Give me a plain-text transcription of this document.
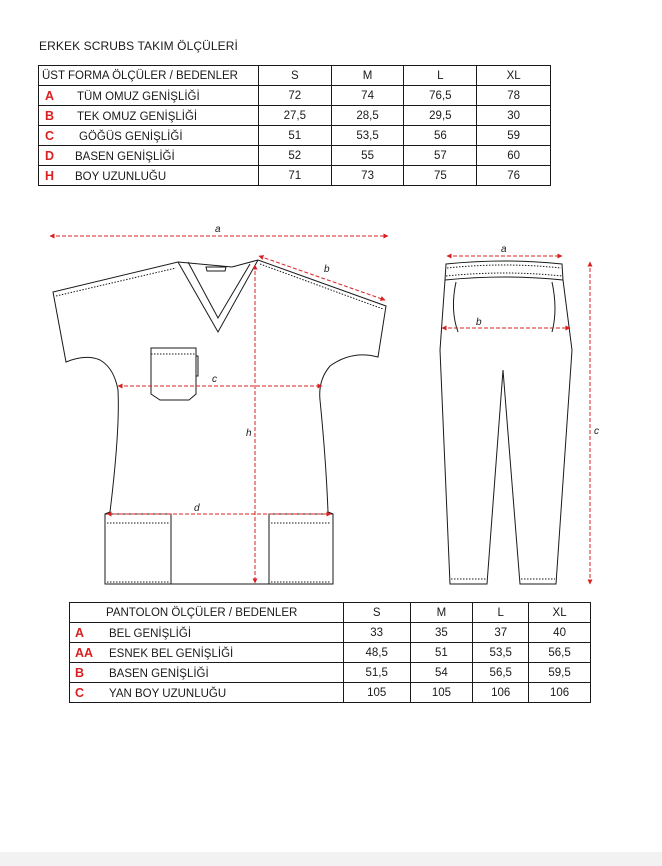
ERKEK SCRUBS TAKIM ÖLÇÜLERİ
ÜST FORMA ÖLÇÜLER / BEDENLER	S	M	L	XL
A TÜM OMUZ GENİŞLİĞİ	72	74	76,5	78
B TEK OMUZ GENİŞLİĞİ	27,5	28,5	29,5	30
C GÖĞÜS GENİŞLİĞİ	51	53,5	56	59
D BASEN GENİŞLİĞİ	52	55	57	60
H BOY UZUNLUĞU	71	73	75	76
a
b
c
d
h
a
b
c
PANTOLON ÖLÇÜLER / BEDENLER	S	M	L	XL
A BEL GENİŞLİĞİ	33	35	37	40
AA ESNEK BEL GENİŞLİĞİ	48,5	51	53,5	56,5
B BASEN GENİŞLİĞİ	51,5	54	56,5	59,5
C YAN BOY UZUNLUĞU	105	105	106	106
